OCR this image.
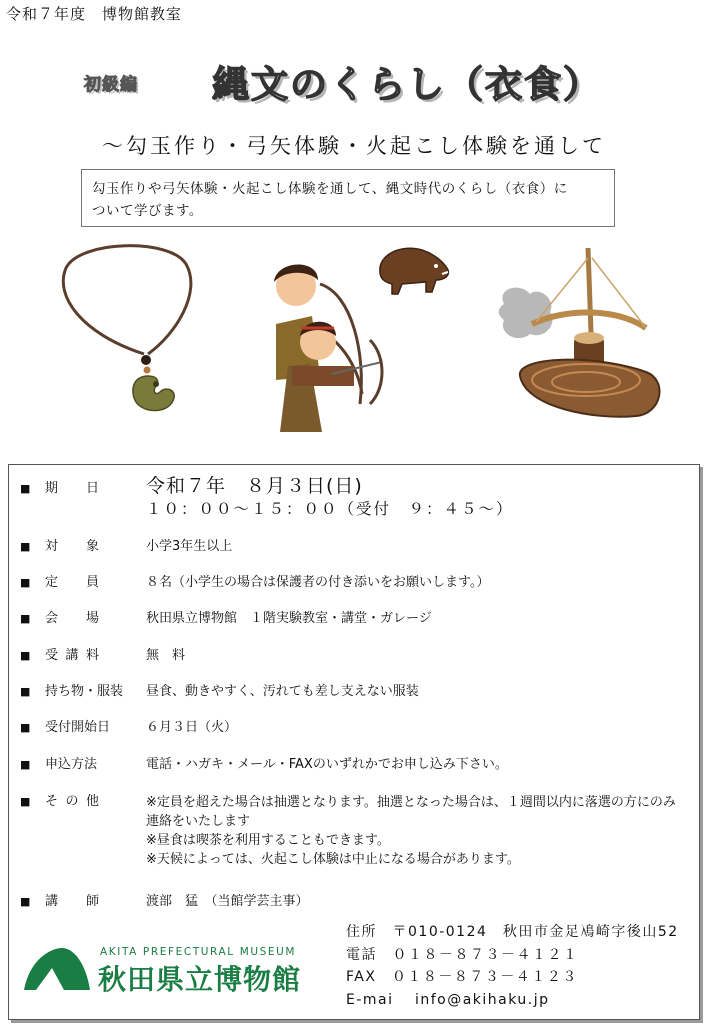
令和７年度　博物館教室
初級編 縄文のくらし（衣食）
～勾玉作り・弓矢体験・火起こし体験を通して
勾玉作りや弓矢体験・火起こし体験を通して、縄文時代のくらし（衣食）に
ついて学びます。
■ 期 日 令和７年　８月３日(日)
１０：００～１５：００（受付　９：４５～）
■ 対 象	小学3年生以上
■ 定 員	８名（小学生の場合は保護者の付き添いをお願いします。）
■ 会 場	秋田県立博物館　１階実験教室・講堂・ガレージ
■ 受 講 料	無　料
■ 持ち物・服装	昼食、動きやすく、汚れても差し支えない服装
■ 受付開始日	６月３日（火）
■ 申込方法	電話・ハガキ・メール・FAXのいずれかでお申し込み下さい。
■ そ の 他	※定員を超えた場合は抽選となります。抽選となった場合は、１週間以内に落選の方にのみ
連絡をいたします
※昼食は喫茶を利用することもできます。
※天候によっては、火起こし体験は中止になる場合があります。
■ 講 師	渡部　猛　（当館学芸主事）
住所　〒010-0124　秋田市金足鳰崎字後山52
電話　０１８－８７３－４１２１
FAX　０１８－８７３－４１２３
E-mai　 info@akihaku.jp
AKITA PREFECTURAL MUSEUM
秋田県立博物館
